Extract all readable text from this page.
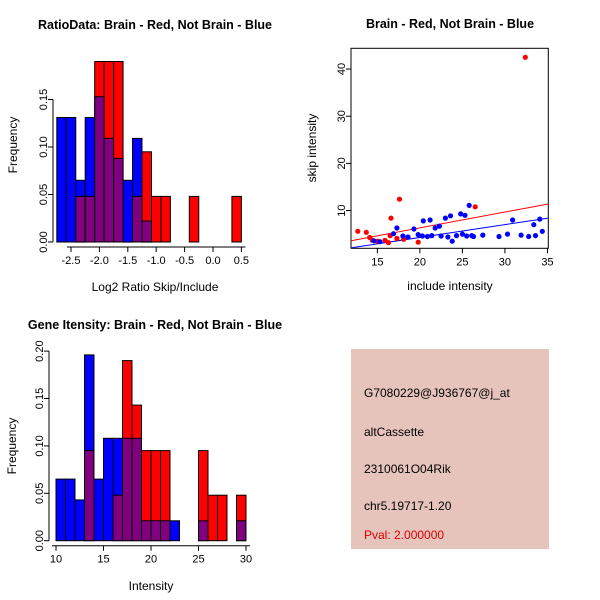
RatioData: Brain - Red, Not Brain - Blue
Log2 Ratio Skip/Include
Frequency
0.00
0.05
0.10
0.15
-2.5 -2.0 -1.5 -1.0 -0.5 0.0 0.5
Brain - Red, Not Brain - Blue
include intensity
skip intensity
10
20
30
40
15	20	25	30	35
Gene Itensity: Brain - Red, Not Brain - Blue
Intensity
Frequency
0.00
0.05
0.10
0.15
0.20
10	15	20	25	30
G7080229@J936767@j_at
altCassette
2310061O04Rik
chr5.19717-1.20
Pval: 2.000000
